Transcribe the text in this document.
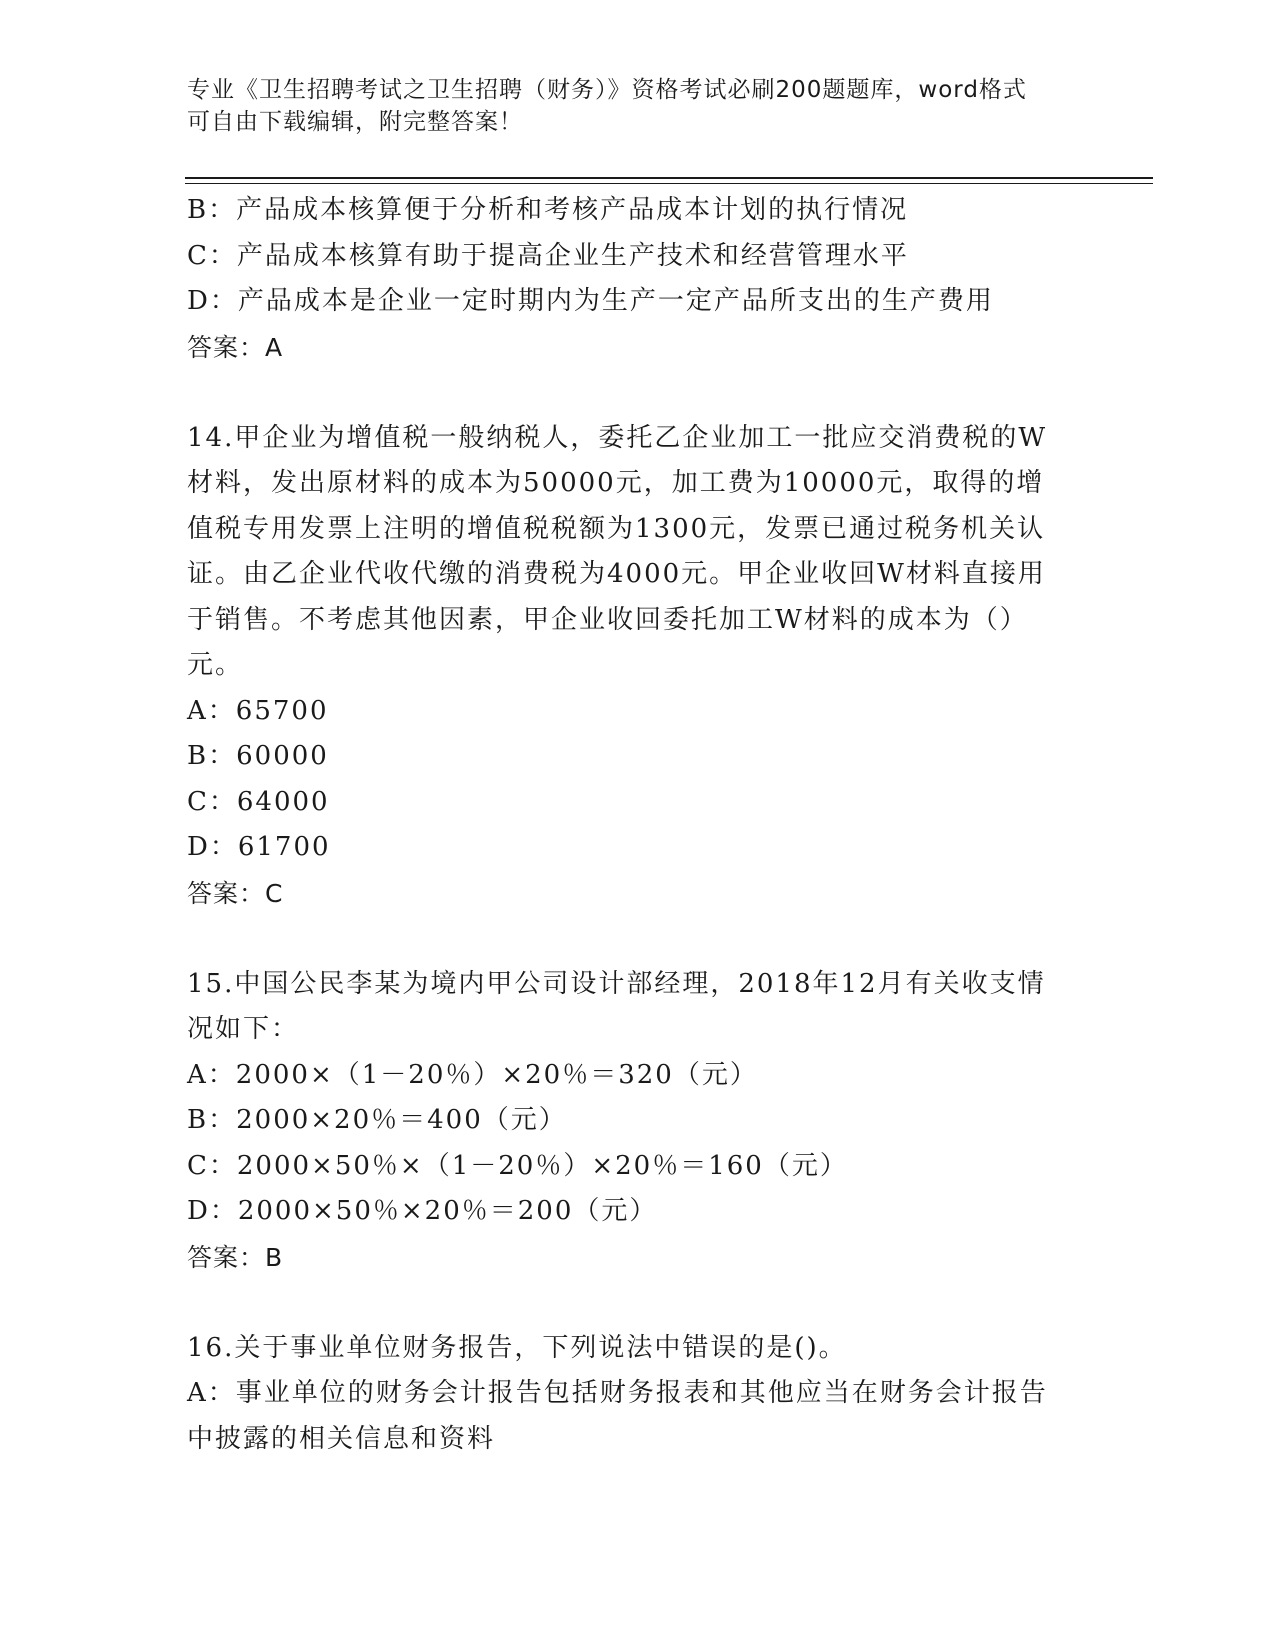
专业《卫生招聘考试之卫生招聘（财务）》资格考试必刷200题题库，word格式
可自由下载编辑，附完整答案！
B：产品成本核算便于分析和考核产品成本计划的执行情况
C：产品成本核算有助于提高企业生产技术和经营管理水平
D：产品成本是企业一定时期内为生产一定产品所支出的生产费用
答案：A
14.甲企业为增值税一般纳税人，委托乙企业加工一批应交消费税的W
材料，发出原材料的成本为50000元，加工费为10000元，取得的增
值税专用发票上注明的增值税税额为1300元，发票已通过税务机关认
证。由乙企业代收代缴的消费税为4000元。甲企业收回W材料直接用
于销售。不考虑其他因素，甲企业收回委托加工W材料的成本为（）
元。
A：65700
B：60000
C：64000
D：61700
答案：C
15.中国公民李某为境内甲公司设计部经理，2018年12月有关收支情
况如下：
A：2000×（1－20％）×20％＝320（元）
B：2000×20％＝400（元）
C：2000×50％×（1－20％）×20％＝160（元）
D：2000×50％×20％＝200（元）
答案：B
16.关于事业单位财务报告，下列说法中错误的是()。
A：事业单位的财务会计报告包括财务报表和其他应当在财务会计报告
中披露的相关信息和资料
